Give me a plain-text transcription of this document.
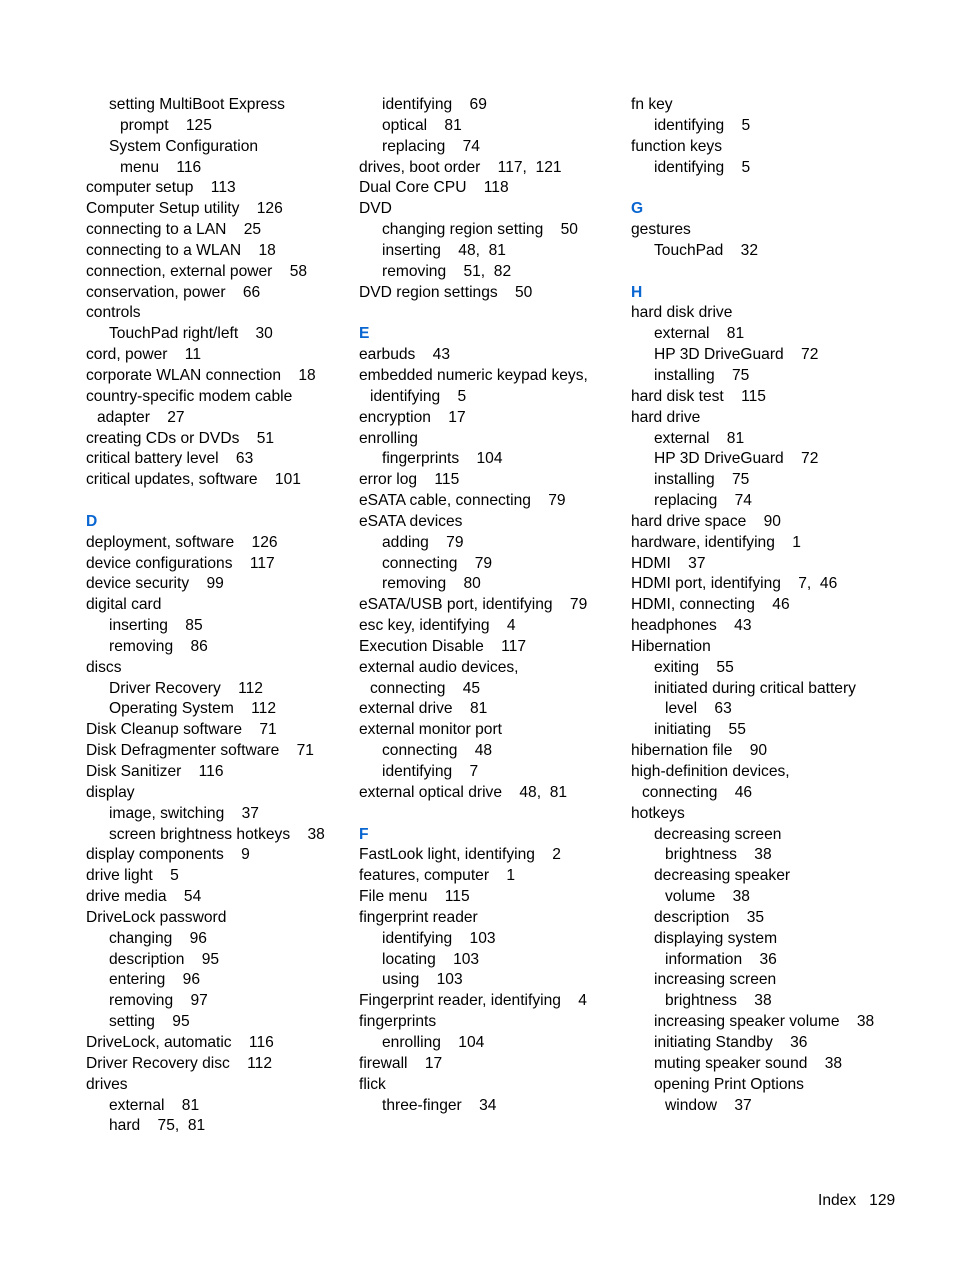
setting MultiBoot Express
prompt    125
System Configuration
menu    116
computer setup    113
Computer Setup utility    126
connecting to a LAN    25
connecting to a WLAN    18
connection, external power    58
conservation, power    66
controls
TouchPad right/left    30
cord, power    11
corporate WLAN connection    18
country-specific modem cable
adapter    27
creating CDs or DVDs    51
critical battery level    63
critical updates, software    101
D
deployment, software    126
device configurations    117
device security    99
digital card
inserting    85
removing    86
discs
Driver Recovery    112
Operating System    112
Disk Cleanup software    71
Disk Defragmenter software    71
Disk Sanitizer    116
display
image, switching    37
screen brightness hotkeys    38
display components    9
drive light    5
drive media    54
DriveLock password
changing    96
description    95
entering    96
removing    97
setting    95
DriveLock, automatic    116
Driver Recovery disc    112
drives
external    81
hard    75,  81
identifying    69
optical    81
replacing    74
drives, boot order    117,  121
Dual Core CPU    118
DVD
changing region setting    50
inserting    48,  81
removing    51,  82
DVD region settings    50
E
earbuds    43
embedded numeric keypad keys,
identifying    5
encryption    17
enrolling
fingerprints    104
error log    115
eSATA cable, connecting    79
eSATA devices
adding    79
connecting    79
removing    80
eSATA/USB port, identifying    79
esc key, identifying    4
Execution Disable    117
external audio devices,
connecting    45
external drive    81
external monitor port
connecting    48
identifying    7
external optical drive    48,  81
F
FastLook light, identifying    2
features, computer    1
File menu    115
fingerprint reader
identifying    103
locating    103
using    103
Fingerprint reader, identifying    4
fingerprints
enrolling    104
firewall    17
flick
three-finger    34
fn key
identifying    5
function keys
identifying    5
G
gestures
TouchPad    32
H
hard disk drive
external    81
HP 3D DriveGuard    72
installing    75
hard disk test    115
hard drive
external    81
HP 3D DriveGuard    72
installing    75
replacing    74
hard drive space    90
hardware, identifying    1
HDMI    37
HDMI port, identifying    7,  46
HDMI, connecting    46
headphones    43
Hibernation
exiting    55
initiated during critical battery
level    63
initiating    55
hibernation file    90
high-definition devices,
connecting    46
hotkeys
decreasing screen
brightness    38
decreasing speaker
volume    38
description    35
displaying system
information    36
increasing screen
brightness    38
increasing speaker volume    38
initiating Standby    36
muting speaker sound    38
opening Print Options
window    37
Index   129
